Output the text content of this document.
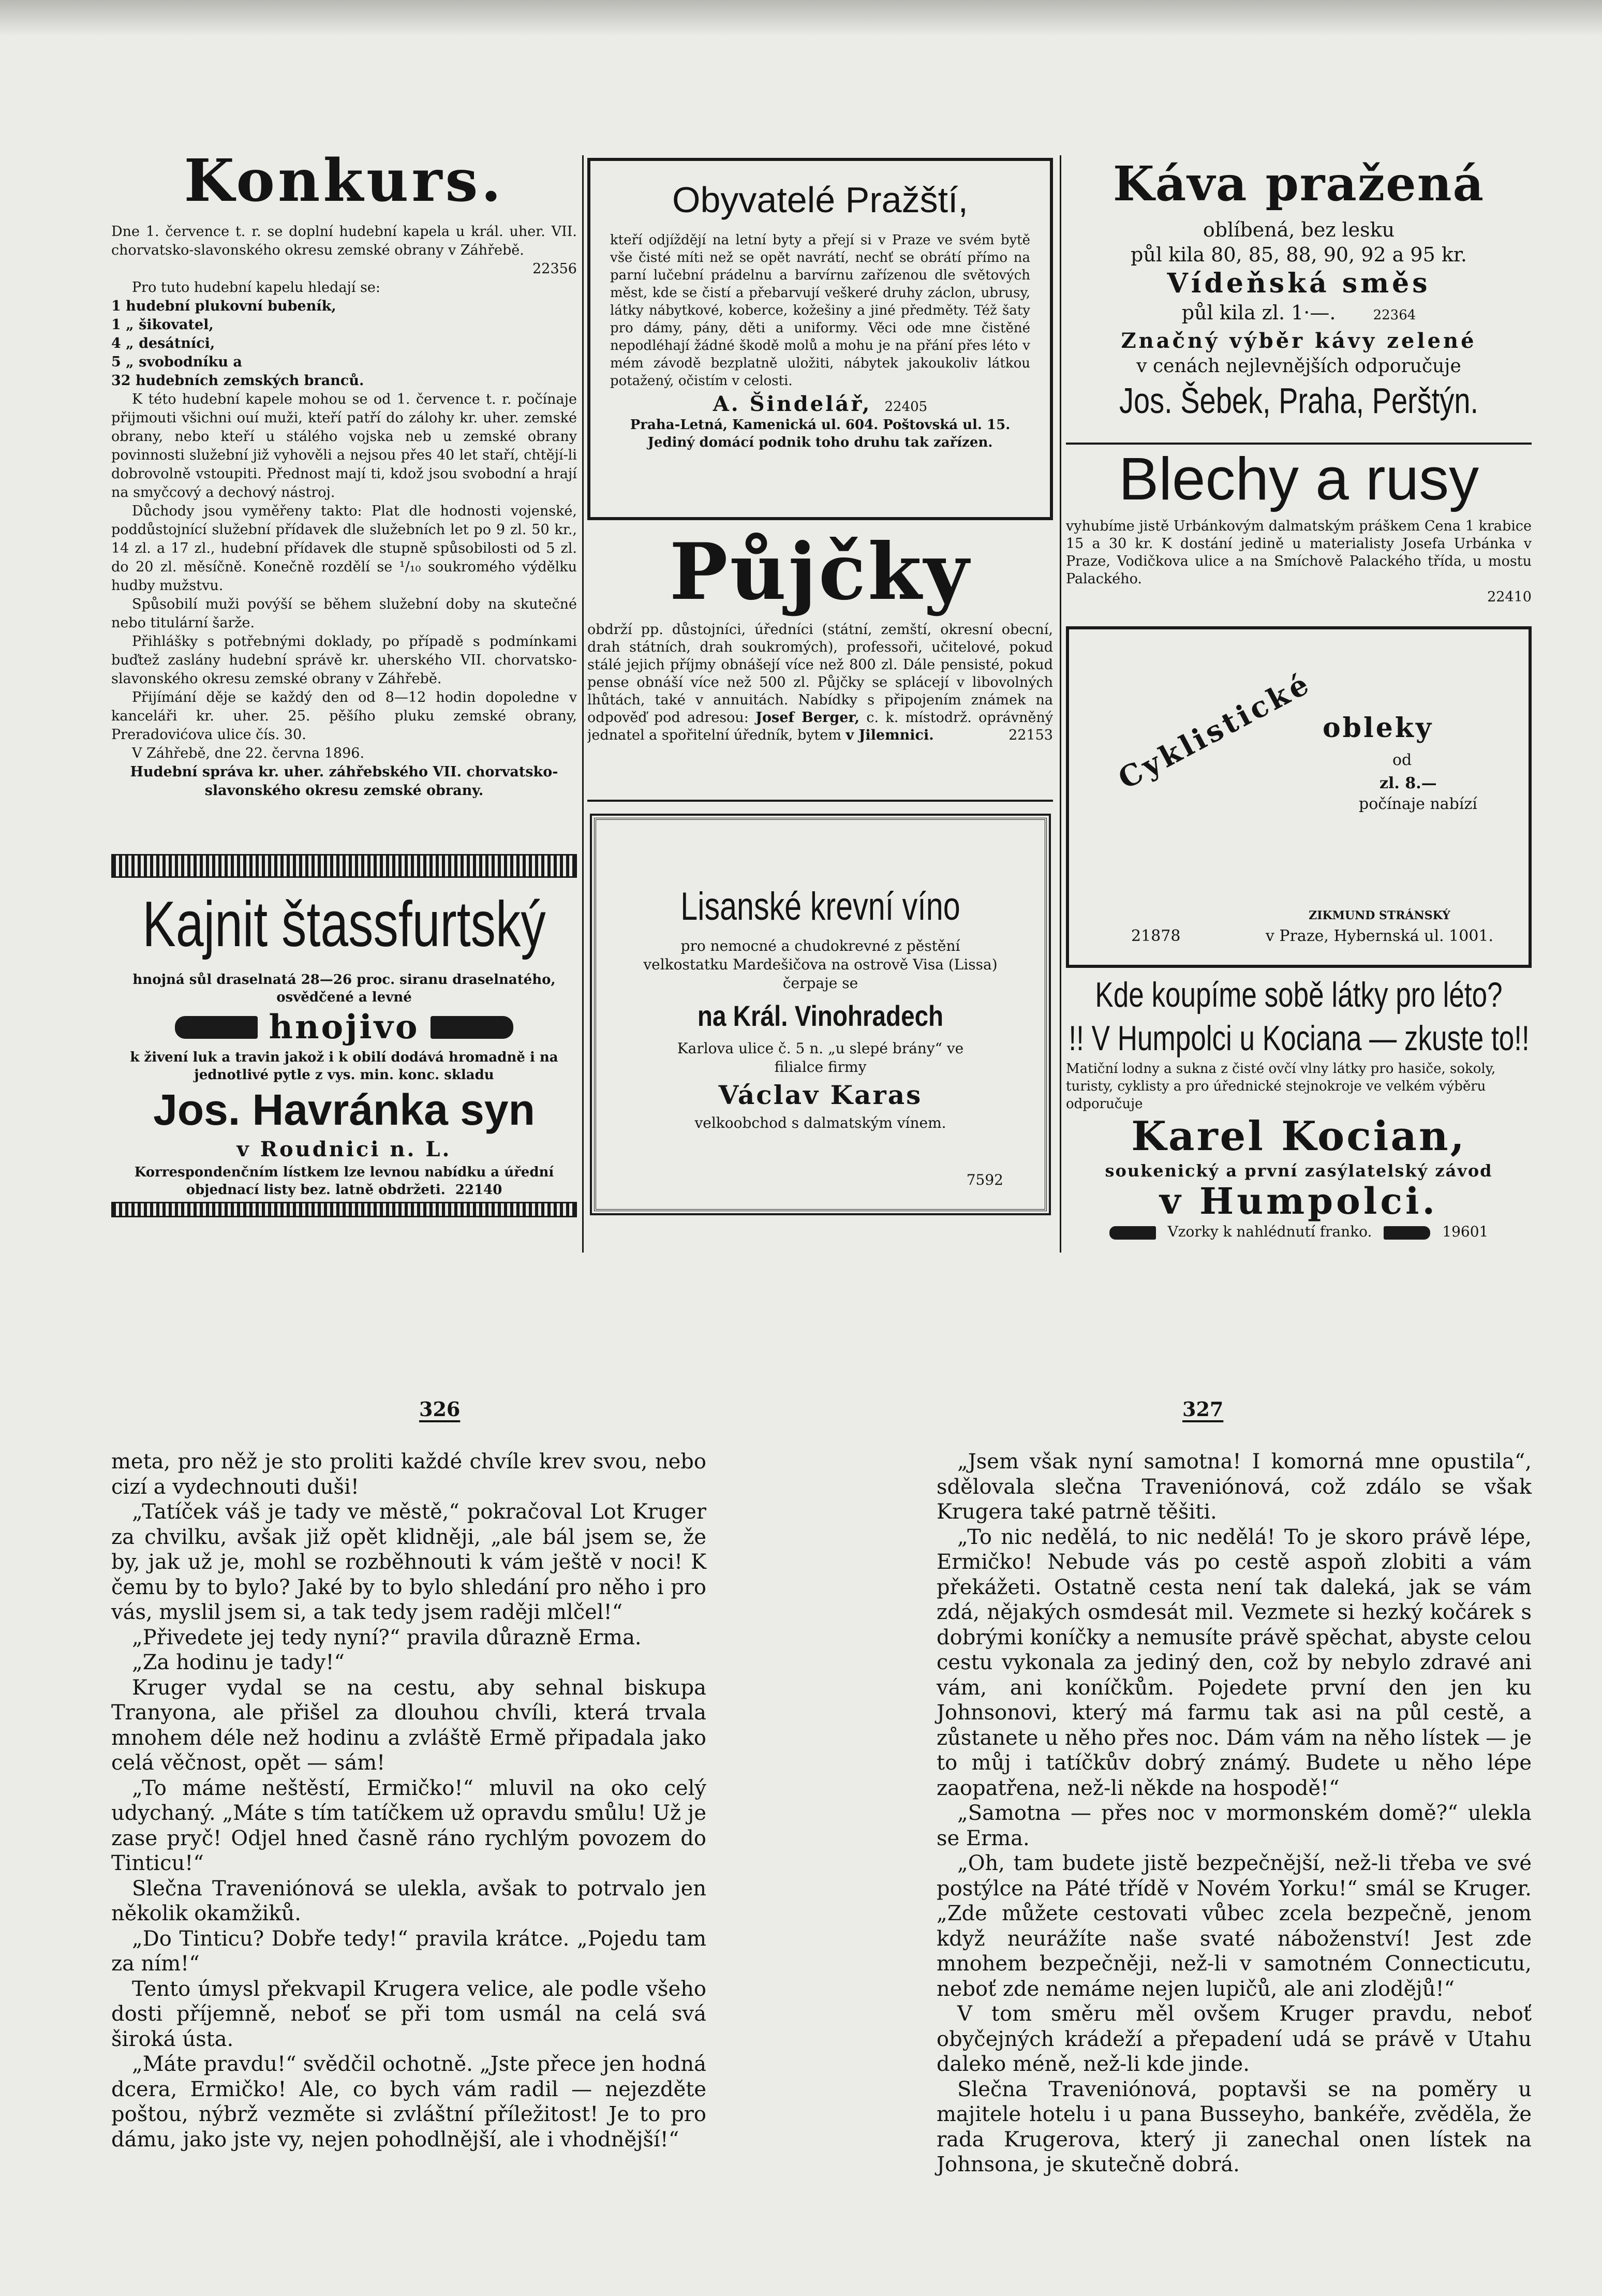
Konkurs.

Dne 1. července t. r. se doplní hudební kapela u král. uher. VII. chorvatsko-slavonského okresu zemské obrany v Záhřebě.

22356

Pro tuto hudební kapelu hledají se:

1 hudební plukovní bubeník,

1 „ šikovatel,

4 „ desátníci,

5 „ svobodníku a

32 hudebních zemských branců.

K této hudební kapele mohou se od 1. července t. r. počínaje přijmouti všichni ouí muži, kteří patří do zálohy kr. uher. zemské obrany, nebo kteří u stálého vojska neb u zemské obrany povinnosti služební již vyhověli a nejsou přes 40 let staří, chtějí-li dobrovolně vstoupiti. Přednost mají ti, kdož jsou svobodní a hrají na smyčcový a dechový nástroj.

Důchody jsou vyměřeny takto: Plat dle hodnosti vojenské, poddůstojnící služební přídavek dle služebních let po 9 zl. 50 kr., 14 zl. a 17 zl., hudební přídavek dle stupně spůsobilosti od 5 zl. do 20 zl. měsíčně. Konečně rozdělí se ¹/₁₀ soukromého výdělku hudby mužstvu.

Spůsobilí muži povýší se během služební doby na skutečné nebo titulární šarže.

Přihlášky s potřebnými doklady, po případě s podmínkami buďtež zaslány hudební správě kr. uherského VII. chorvatsko-slavonského okresu zemské obrany v Záhřebě.

Přijímání děje se každý den od 8—12 hodin dopoledne v kanceláři kr. uher. 25. pěšího pluku zemské obrany, Preradovićova ulice čís. 30.

V Záhřebě, dne 22. června 1896.

Hudební správa kr. uher. záhřebského VII. chorvatsko-slavonského okresu zemské obrany.

Obyvatelé Pražští,

kteří odjíždějí na letní byty a přejí si v Praze ve svém bytě vše čisté míti než se opět navrátí, nechť se obrátí přímo na parní lučební prádelnu a barvírnu zařízenou dle světových měst, kde se čistí a přebarvují veškeré druhy záclon, ubrusy, látky nábytkové, koberce, kožešiny a jiné předměty. Též šaty pro dámy, pány, děti a uniformy. Věci ode mne čistěné nepodléhají žádné škodě molů a mohu je na přání přes léto v mém závodě bezplatně uložiti, nábytek jakoukoliv látkou potažený, očistím v celosti.

A. Šindelář, 22405

Praha-Letná, Kamenická ul. 604. Poštovská ul. 15. Jediný domácí podnik toho druhu tak zařízen.

Káva pražená
oblíbená, bez lesku
půl kila 80, 85, 88, 90, 92 a 95 kr.
Vídeňská směs
půl kila zl. 1·—.	22364
Značný výběr kávy zelené
v cenách nejlevnějších odporučuje
Jos. Šebek, Praha, Perštýn.
Blechy a rusy

vyhubíme jistě Urbánkovým dalmatským práškem Cena 1 krabice 15 a 30 kr. K dostání jedině u materialisty Josefa Urbánka v Praze, Vodičkova ulice a na Smíchově Palackého třída, u mostu Palackého.

22410

Půjčky

obdrží pp. důstojníci, úředníci (státní, zemští, okresní obecní, drah státních, drah soukromých), professoři, učitelové, pokud stálé jejich příjmy obnášejí více než 800 zl. Dále pensisté, pokud pense obnáší více než 500 zl. Půjčky se splácejí v libovolných lhůtách, také v annuitách. Nabídky s připojením známek na odpověď pod adresou: Josef Berger, c. k. místodrž. oprávněný jednatel a spořitelní úředník, bytem v Jilemnici.	22153 Cyklistické obleky
od
zl. 8.—
počínaje nabízí
ZIKMUND STRÁNSKÝ
21878	v Praze, Hybernská ul. 1001.
Kajnit štassfurtský

hnojná sůl draselnatá 28—26 proc. siranu draselnatého, osvědčené a levné

hnojivo

k živení luk a travin jakož i k obilí dodává hromadně i na jednotlivé pytle z vys. min. konc. skladu

Jos. Havránka syn
v Roudnici n. L.

Korrespondenčním lístkem lze levnou nabídku a úřední objednací listy bez. latně obdržeti. 22140

Lisanské krevní víno

pro nemocné a chudokrevné z pěstění velkostatku Mardešičova na ostrově Visa (Lissa) čerpaje se

na Král. Vinohradech

Karlova ulice č. 5 n. „u slepé brány“ ve filialce firmy

Václav Karas

velkoobchod s dalmatským vínem.

7592
Kde koupíme sobě látky pro léto?
!! V Humpolci u Kociana — zkuste to!!

Matiční lodny a sukna z čisté ovčí vlny látky pro hasiče, sokoly, turisty, cyklisty a pro úřednické stejnokroje ve velkém výběru odporučuje

Karel Kocian,
soukenický a první zasýlatelský závod
v Humpolci.
Vzorky k nahlédnutí franko.	19601
326	327

meta, pro něž je sto proliti každé chvíle krev svou, nebo cizí a vydechnouti duši!

„Tatíček váš je tady ve městě,“ pokračoval Lot Kruger za chvilku, avšak již opět klidněji, „ale bál jsem se, že by, jak už je, mohl se rozběhnouti k vám ještě v noci! K čemu by to bylo? Jaké by to bylo shledání pro něho i pro vás, myslil jsem si, a tak tedy jsem raději mlčel!“

„Přivedete jej tedy nyní?“ pravila důrazně Erma.

„Za hodinu je tady!“

Kruger vydal se na cestu, aby sehnal biskupa Tranyona, ale přišel za dlouhou chvíli, která trvala mnohem déle než hodinu a zvláště Ermě připadala jako celá věčnost, opět — sám!

„To máme neštěstí, Ermičko!“ mluvil na oko celý udychaný. „Máte s tím tatíčkem už opravdu smůlu! Už je zase pryč! Odjel hned časně ráno rychlým povozem do Tinticu!“

Slečna Traveniónová se ulekla, avšak to potrvalo jen několik okamžiků.

„Do Tinticu? Dobře tedy!“ pravila krátce. „Pojedu tam za ním!“

Tento úmysl překvapil Krugera velice, ale podle všeho dosti příjemně, neboť se při tom usmál na celá svá široká ústa.

„Máte pravdu!“ svědčil ochotně. „Jste přece jen hodná dcera, Ermičko! Ale, co bych vám radil — nejezděte poštou, nýbrž vezměte si zvláštní příležitost! Je to pro dámu, jako jste vy, nejen pohodlnější, ale i vhodnější!“

„Jsem však nyní samotna! I komorná mne opustila“, sdělovala slečna Traveniónová, což zdálo se však Krugera také patrně těšiti.

„To nic nedělá, to nic nedělá! To je skoro právě lépe, Ermičko! Nebude vás po cestě aspoň zlobiti a vám překážeti. Ostatně cesta není tak daleká, jak se vám zdá, nějakých osmdesát mil. Vezmete si hezký kočárek s dobrými koníčky a nemusíte právě spěchat, abyste celou cestu vykonala za jediný den, což by nebylo zdravé ani vám, ani koníčkům. Pojedete první den jen ku Johnsonovi, který má farmu tak asi na půl cestě, a zůstanete u něho přes noc. Dám vám na něho lístek — je to můj i tatíčkův dobrý známý. Budete u něho lépe zaopatřena, než-li někde na hospodě!“

„Samotna — přes noc v mormonském domě?“ ulekla se Erma.

„Oh, tam budete jistě bezpečnější, než-li třeba ve své postýlce na Páté třídě v Novém Yorku!“ smál se Kruger. „Zde můžete cestovati vůbec zcela bezpečně, jenom když neurážíte naše svaté náboženství! Jest zde mnohem bezpečněji, než-li v samotném Connecticutu, neboť zde nemáme nejen lupičů, ale ani zlodějů!“

V tom směru měl ovšem Kruger pravdu, neboť obyčejných krádeží a přepadení udá se právě v Utahu daleko méně, než-li kde jinde.

Slečna Traveniónová, poptavši se na poměry u majitele hotelu i u pana Busseyho, bankéře, zvěděla, že rada Krugerova, který ji zanechal onen lístek na Johnsona, je skutečně dobrá.
